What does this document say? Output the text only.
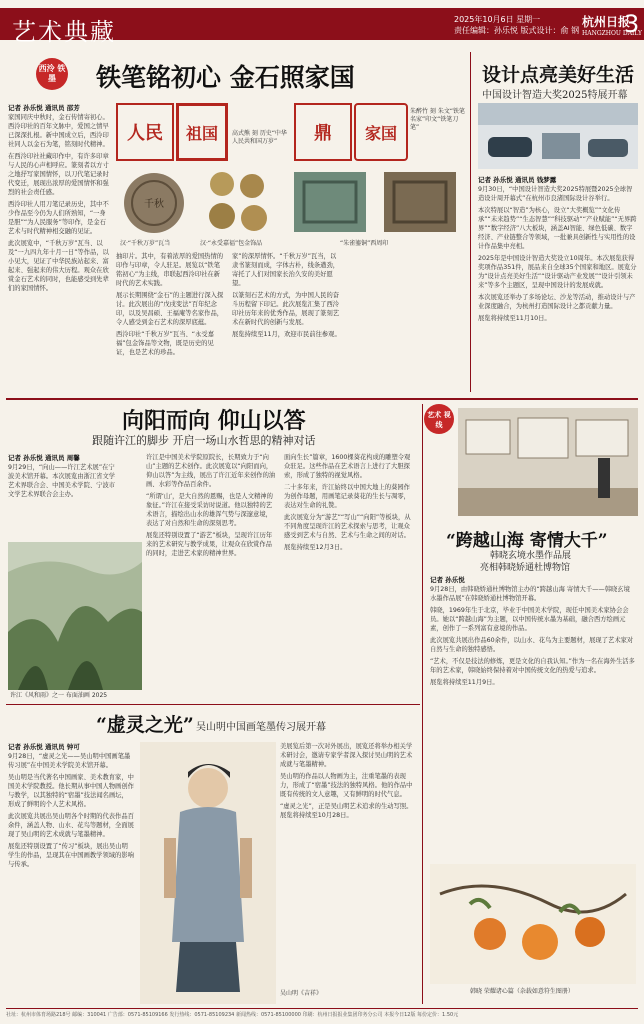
艺术典藏	2025年10月6日 星期一
责任编辑：孙乐悦 版式设计：俞 钢
杭州日报
HANGZHOU DAILY
3
西泠 铁墨	铁笔铭初心 金石照家国
记者 孙乐悦 通讯员 邵芳

家国同庆中秋时，金石传情寄初心。西泠印社的百年文脉中，爱国之情早已深深扎根。新中国成立后，西泠印社同人以金石为笔，铭刻时代精神。

在西泠印社社藏印作中，有许多印章与人民的心声相呼应。篆刻者以方寸之地抒写家国情怀，以刀代笔记录时代变迁，展现出浓厚的爱国情怀和强烈的社会责任感。

西泠印社人用刀笔记录历史，其中不少作品至今仍为人们所熟知，“一身是胆”“为人民服务”等印作，是金石艺术与时代精神相交融的见证。

此次展览中，“千秋万岁”瓦当、以及“一九四九年十月一日”等作品，以小见大，见证了中华民族站起来、富起来、强起来的伟大历程。观众在欣赏金石艺术的同时，也能感受到先辈们的家国情怀。

人民	祖国	高式熊 刻 历史“中华人民共和国万岁”	鼎	家国
朱醉竹 刻 朱文“铁笔名家”印文“铁笔刀笔”
千秋
汉·“千秋万岁”瓦当	汉·“永受嘉福”包金饰品	“朱雀鎏铜”西周印

抽印片。其中，有着浓厚的爱国热情的印作与印章，令人驻足。展览以“铁笔铭初心”为主线，串联起西泠印社在新时代的艺术实践。

展示长期围绕“金石”的主题进行深入探讨。此次展出的“戊戌变法”百年纪念印，以及吴昌硕、王福庵等名家作品，令人感受到金石艺术的深厚底蕴。

西泠印社“千秋万岁”瓦当、“永受嘉福”包金饰品等文物，既是历史的见证，也是艺术的珍品。

家”的深厚情怀。“千秋万岁”瓦当，以隶书篆刻而成，字体古朴，线条遒劲，寄托了人们对国家长治久安的美好愿望。

以篆刻石艺术的方式，为中国人民的奋斗历程留下印记。此次展览汇集了西泠印社历年来的优秀作品，展现了篆刻艺术在新时代的创新与发展。

展览持续至11月，欢迎市民前往参观。

设计点亮美好生活
中国设计智造大奖2025特展开幕
记者 孙乐悦 通讯员 钱梦露

9月30日，“中国设计智造大奖2025特展暨2025全球智造设计周开幕式”在杭州市良渚国际设计谷举行。

本次特展以“智造”为核心，设立“大奖概览”“文化传承”“未来趋势”“生态智慧”“科技驱动”“产业赋能”“无界跨界”“数字经济”八大板块，涵盖AI智能、绿色低碳、数字经济、产业链整合等领域，一批兼具创新性与实用性的设计作品集中亮相。

2025年是中国设计智造大奖设立10周年。本次展览获得奖项作品351件，展品来自全球35个国家和地区。展览分为“设计点亮美好生活”“设计驱动产业发展”“设计引领未来”等多个主题区，呈现中国设计的发展成就。

本次展览还举办了多场论坛、沙龙等活动，推动设计与产业深度融合，为杭州打造国际设计之都贡献力量。

展览将持续至11月10日。

向阳而向 仰山以答
跟随许江的脚步 开启一场山水哲思的精神对话
记者 孙乐悦 通讯员 周馨

9月29日，“向山——许江艺术展”在宁波美术馆开幕。本次展览由浙江省文学艺术界联合会、中国美术学院、宁波市文学艺术界联合会主办。

许江《风和雨》之一 布面油画 2025

许江是中国美术学院原院长，长期致力于“向山”主题的艺术创作。此次展览以“向阳而向，仰山以答”为主线，展出了许江近年来创作的油画、水彩等作品百余件。

“所谓‘山’，是大自然的恩赐，也是人文精神的象征。”许江在接受采访时说道。他以独特的艺术语言，描绘出山水的雄浑气势与深邃意境，表达了对自然和生命的深刻思考。

展览还特别设置了“游艺”板块，呈现许江历年来的艺术研究与教学成果，让观众在欣赏作品的同时，走进艺术家的精神世界。

面向生长”篇章，1600棵葵花构成的雕塑令观众驻足。这些作品在艺术语言上进行了大胆探索，形成了独特的视觉风格。

二十多年来，许江始终以中国大地上的葵园作为创作母题，用画笔记录葵花的生长与凋零，表达对生命的礼赞。

此次展览分为“游艺”“写山”“向阳”等板块，从不同角度呈现许江的艺术探索与思考，让观众感受到艺术与自然、艺术与生命之间的对话。

展览持续至12月3日。

艺术 视线
“跨越山海 寄情大千”
韩晓玄境水墨作品展
亮相韩晓娇通杜博物馆
记者 孙乐悦

9月28日，由韩晓娇通杜博物馆主办的“跨越山海 寄情大千——韩晓玄境水墨作品展”在韩晓娇通杜博物馆开幕。

韩晓，1969年生于北京，毕业于中国美术学院，现任中国美术家协会会员。她以“跨越山海”为主题，以中国传统水墨为基础，融合西方绘画元素，创作了一系列富有意境的作品。

此次展览共展出作品60余件，以山水、花鸟为主要题材，展现了艺术家对自然与生命的独特感悟。

“艺术，不仅是技法的修炼，更是文化的自我认知。”作为一名在海外生活多年的艺术家，韩晓始终保持着对中国传统文化的热爱与追求。

展览将持续至11月9日。

韩晓 荣耀诸心篇（杂载如意符生图册）
“虚灵之光” 吴山明中国画笔墨传习展开幕
记者 孙乐悦 通讯员 钟可

9月28日，“虚灵之光——吴山明中国画笔墨传习展”在中国美术学院美术馆开幕。

吴山明是当代著名中国画家、美术教育家，中国美术学院教授。他长期从事中国人物画创作与教学，以其独特的“宿墨”技法闻名画坛，形成了鲜明的个人艺术风格。

此次展览共展出吴山明各个时期的代表作品百余件，涵盖人物、山水、花鸟等题材，全面展现了吴山明的艺术成就与笔墨精神。

展览还特别设置了“传习”板块，展出吴山明学生的作品，呈现其在中国画教学领域的影响与传承。

吴山明《吉祥》

美展览后第一次对外展出，展览还将举办相关学术研讨会，邀请专家学者深入探讨吴山明的艺术成就与笔墨精神。

吴山明的作品以人物画为主，注重笔墨的表现力，形成了“宿墨”技法的独特风格。他的作品中既有传统的文人意趣，又有鲜明的时代气息。

“虚灵之光”，正是吴山明艺术追求的生动写照。展览将持续至10月28日。

社址：杭州市体育场路218号 邮编：310041 广告部：0571-85109166 发行热线：0571-85109234 新闻热线：0571-85100000 印刷：杭州日报报业集团印务分公司 本报今日12版 每份定价：1.50元
